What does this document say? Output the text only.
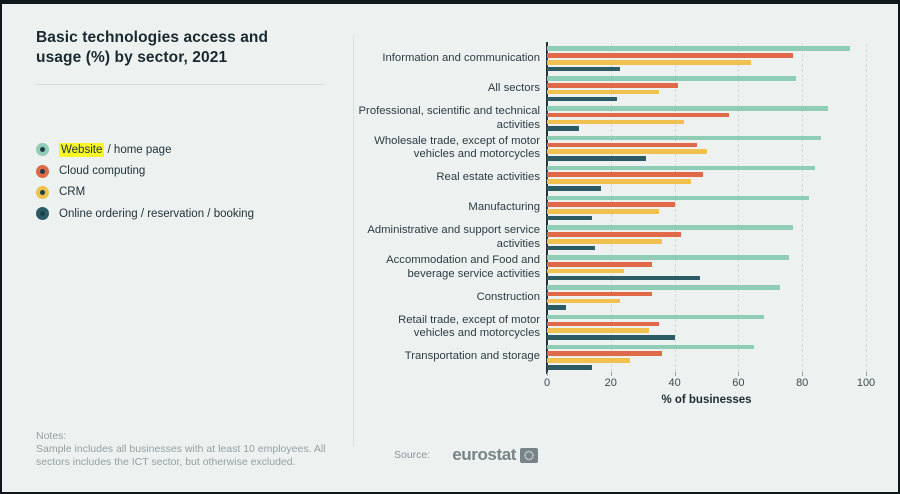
Basic technologies access and usage (%) by sector, 2021
Website / home page
Cloud computing
CRM
Online ordering / reservation / booking
Notes:
Sample includes all businesses with at least 10 employees. All sectors includes the ICT sector, but otherwise excluded.
Information and communication
All sectors
Professional, scientific and technical activities
Wholesale trade, except of motor vehicles and motorcycles
Real estate activities
Manufacturing
Administrative and support service activities
Accommodation and Food and beverage service activities
Construction
Retail trade, except of motor vehicles and motorcycles
Transportation and storage
0	20	40	60	80	100
% of businesses
Source: eurostat
